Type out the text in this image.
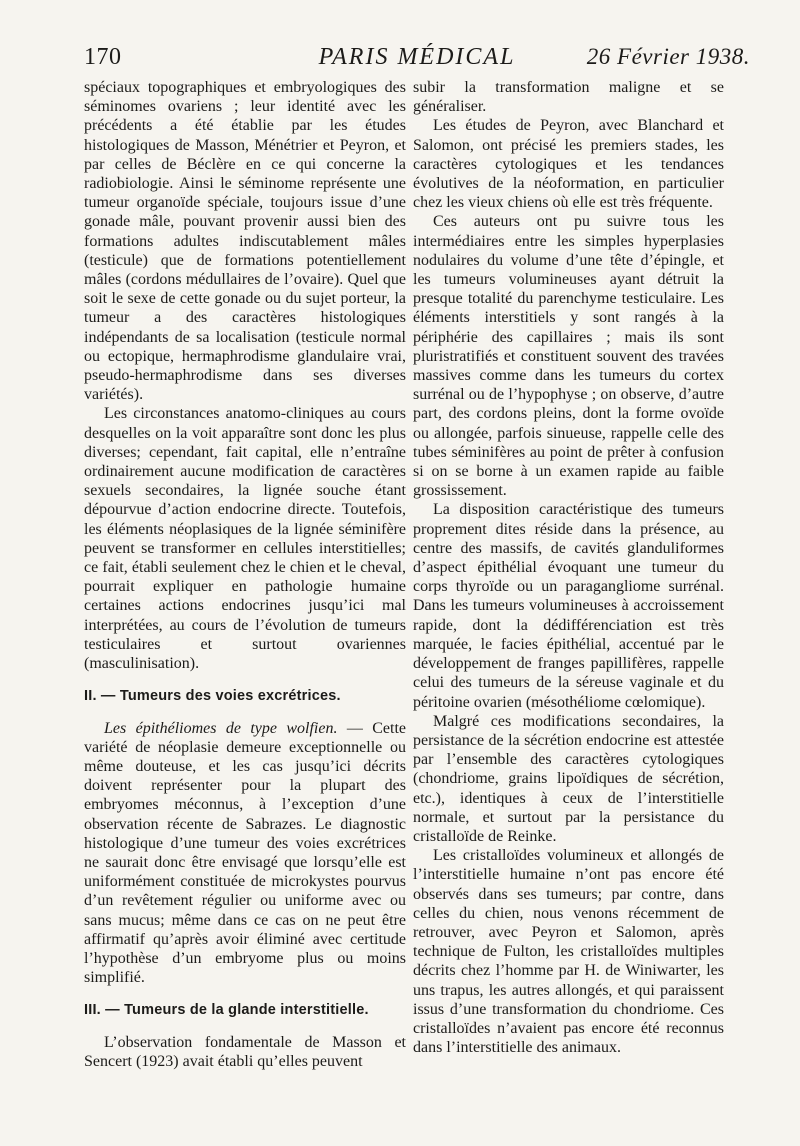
170	PARIS MÉDICAL	26 Février 1938.

spéciaux topographiques et embryologiques des séminomes ovariens ; leur identité avec les précédents a été établie par les études histologiques de Masson, Ménétrier et Peyron, et par celles de Béclère en ce qui concerne la radiobiologie. Ainsi le séminome représente une tumeur organoïde spéciale, toujours issue d’une gonade mâle, pouvant provenir aussi bien des formations adultes indiscutablement mâles (testicule) que de formations potentiellement mâles (cordons médullaires de l’ovaire). Quel que soit le sexe de cette gonade ou du sujet porteur, la tumeur a des caractères histologiques indépendants de sa localisation (testicule normal ou ectopique, hermaphrodisme glandulaire vrai, pseudo-hermaphrodisme dans ses diverses variétés).

Les circonstances anatomo-cliniques au cours desquelles on la voit apparaître sont donc les plus diverses; cependant, fait capital, elle n’entraîne ordinairement aucune modification de caractères sexuels secondaires, la lignée souche étant dépourvue d’action endocrine directe. Toutefois, les éléments néoplasiques de la lignée séminifère peuvent se transformer en cellules interstitielles; ce fait, établi seulement chez le chien et le cheval, pourrait expliquer en pathologie humaine certaines actions endocrines jusqu’ici mal interprétées, au cours de l’évolution de tumeurs testiculaires et surtout ovariennes (masculinisation).

II. — Tumeurs des voies excrétrices.

Les épithéliomes de type wolfien. — Cette variété de néoplasie demeure exceptionnelle ou même douteuse, et les cas jusqu’ici décrits doivent représenter pour la plupart des embryomes méconnus, à l’exception d’une observation récente de Sabrazes. Le diagnostic histologique d’une tumeur des voies excrétrices ne saurait donc être envisagé que lorsqu’elle est uniformément constituée de microkystes pourvus d’un revêtement régulier ou uniforme avec ou sans mucus; même dans ce cas on ne peut être affirmatif qu’après avoir éliminé avec certitude l’hypothèse d’un embryome plus ou moins simplifié.

III. — Tumeurs de la glande interstitielle.

L’observation fondamentale de Masson et Sencert (1923) avait établi qu’elles peuvent

subir la transformation maligne et se généraliser.

Les études de Peyron, avec Blanchard et Salomon, ont précisé les premiers stades, les caractères cytologiques et les tendances évolutives de la néoformation, en particulier chez les vieux chiens où elle est très fréquente.

Ces auteurs ont pu suivre tous les intermédiaires entre les simples hyperplasies nodulaires du volume d’une tête d’épingle, et les tumeurs volumineuses ayant détruit la presque totalité du parenchyme testiculaire. Les éléments interstitiels y sont rangés à la périphérie des capillaires ; mais ils sont pluristratifiés et constituent souvent des travées massives comme dans les tumeurs du cortex surrénal ou de l’hypophyse ; on observe, d’autre part, des cordons pleins, dont la forme ovoïde ou allongée, parfois sinueuse, rappelle celle des tubes séminifères au point de prêter à confusion si on se borne à un examen rapide au faible grossissement.

La disposition caractéristique des tumeurs proprement dites réside dans la présence, au centre des massifs, de cavités glanduliformes d’aspect épithélial évoquant une tumeur du corps thyroïde ou un paragangliome surrénal. Dans les tumeurs volumineuses à accroissement rapide, dont la dédifférenciation est très marquée, le facies épithélial, accentué par le développement de franges papillifères, rappelle celui des tumeurs de la séreuse vaginale et du péritoine ovarien (mésothéliome cœlomique).

Malgré ces modifications secondaires, la persistance de la sécrétion endocrine est attestée par l’ensemble des caractères cytologiques (chondriome, grains lipoïdiques de sécrétion, etc.), identiques à ceux de l’interstitielle normale, et surtout par la persistance du cristalloïde de Reinke.

Les cristalloïdes volumineux et allongés de l’interstitielle humaine n’ont pas encore été observés dans ses tumeurs; par contre, dans celles du chien, nous venons récemment de retrouver, avec Peyron et Salomon, après technique de Fulton, les cristalloïdes multiples décrits chez l’homme par H. de Winiwarter, les uns trapus, les autres allongés, et qui paraissent issus d’une transformation du chondriome. Ces cristalloïdes n’avaient pas encore été reconnus dans l’interstitielle des animaux.
